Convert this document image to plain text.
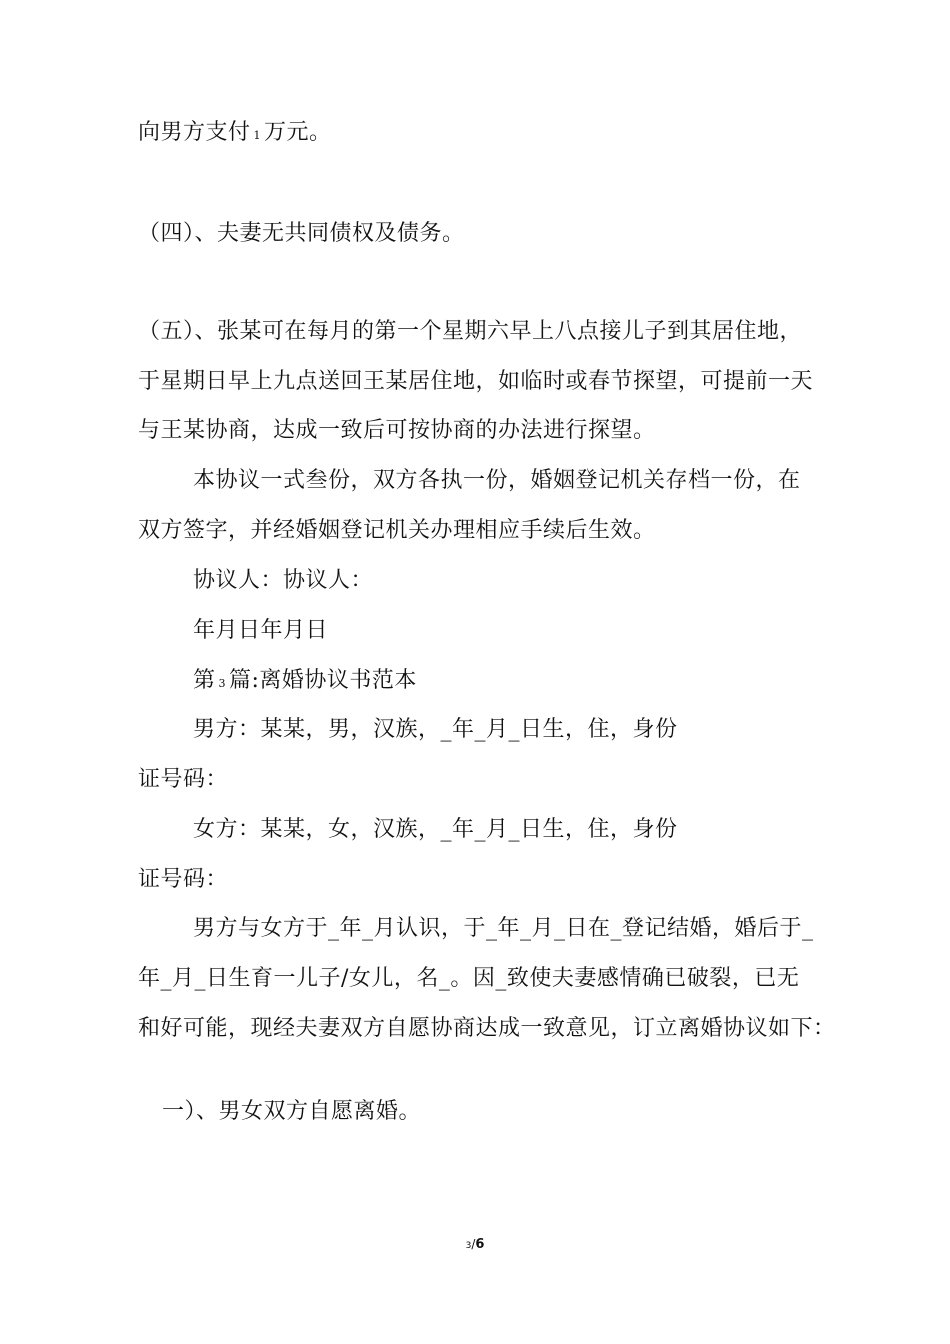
向男方支付 1 万元。
（四）、夫妻无共同债权及债务。
（五）、张某可在每月的第一个星期六早上八点接儿子到其居住地，
于星期日早上九点送回王某居住地，如临时或春节探望，可提前一天
与王某协商，达成一致后可按协商的办法进行探望。
本协议一式叁份，双方各执一份，婚姻登记机关存档一份，在
双方签字，并经婚姻登记机关办理相应手续后生效。
协议人：协议人：
年月日年月日
第 3 篇:离婚协议书范本
男方：某某，男，汉族，_年_月_日生，住，身份
证号码：
女方：某某，女，汉族，_年_月_日生，住，身份
证号码：
男方与女方于_年_月认识，于_年_月_日在_登记结婚，婚后于_
年_月_日生育一儿子/女儿，名_。因_致使夫妻感情确已破裂，已无
和好可能，现经夫妻双方自愿协商达成一致意见，订立离婚协议如下：
一）、男女双方自愿离婚。
3/6
